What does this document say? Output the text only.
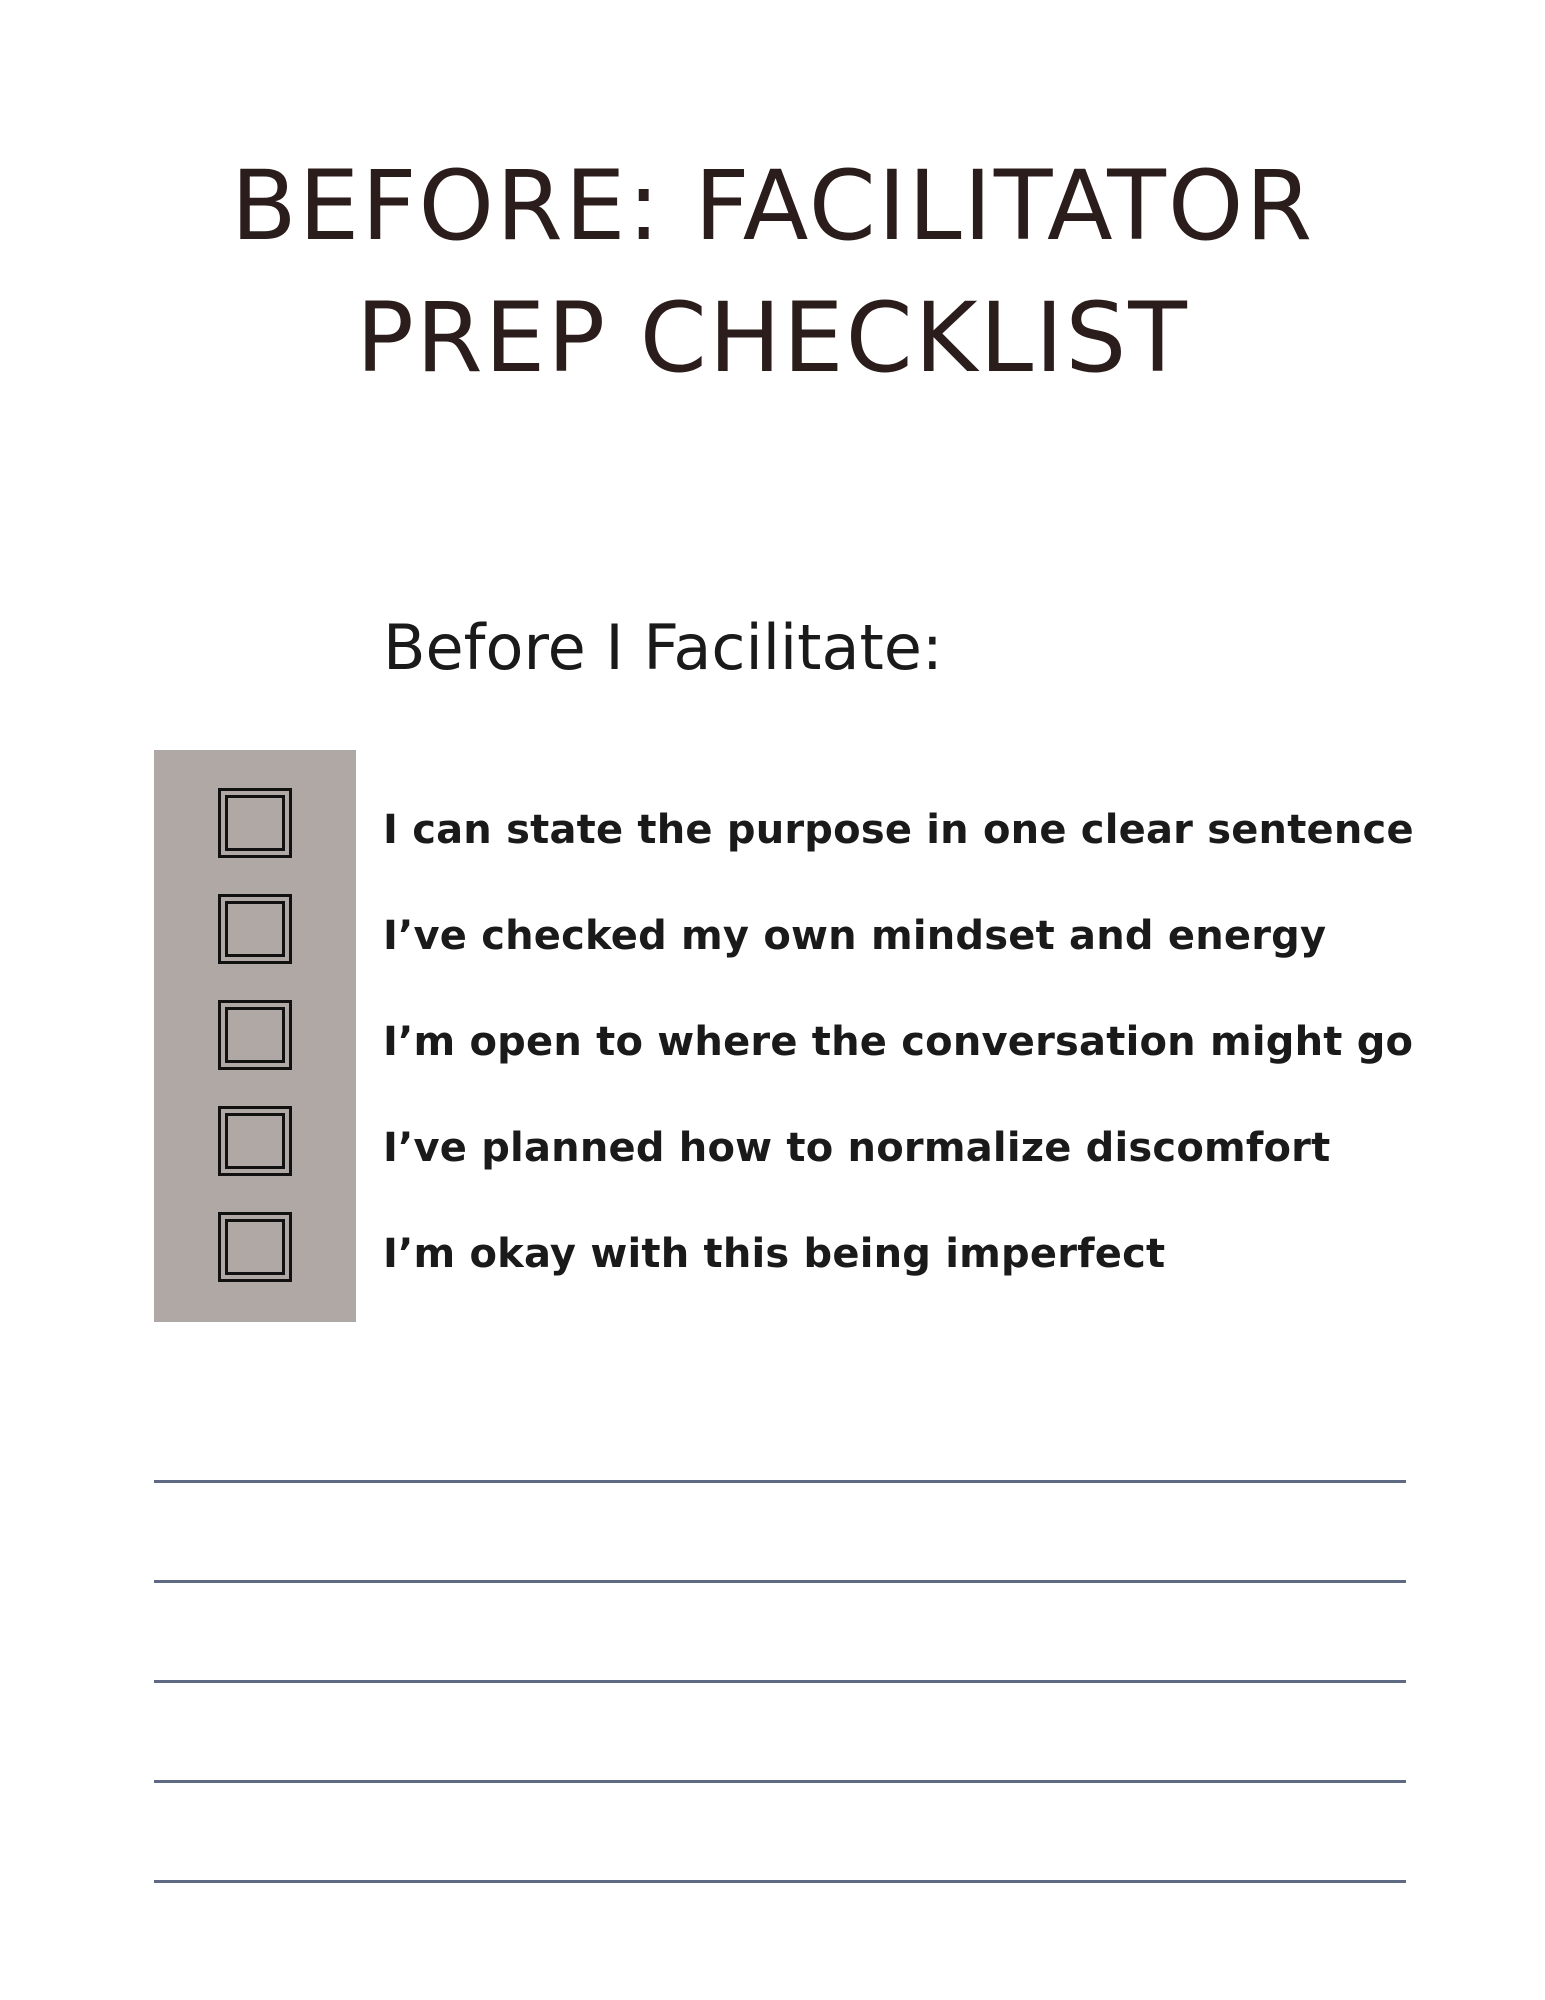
BEFORE: FACILITATOR
PREP CHECKLIST
Before I Facilitate:
I can state the purpose in one clear sentence
I’ve checked my own mindset and energy
I’m open to where the conversation might go
I’ve planned how to normalize discomfort
I’m okay with this being imperfect
